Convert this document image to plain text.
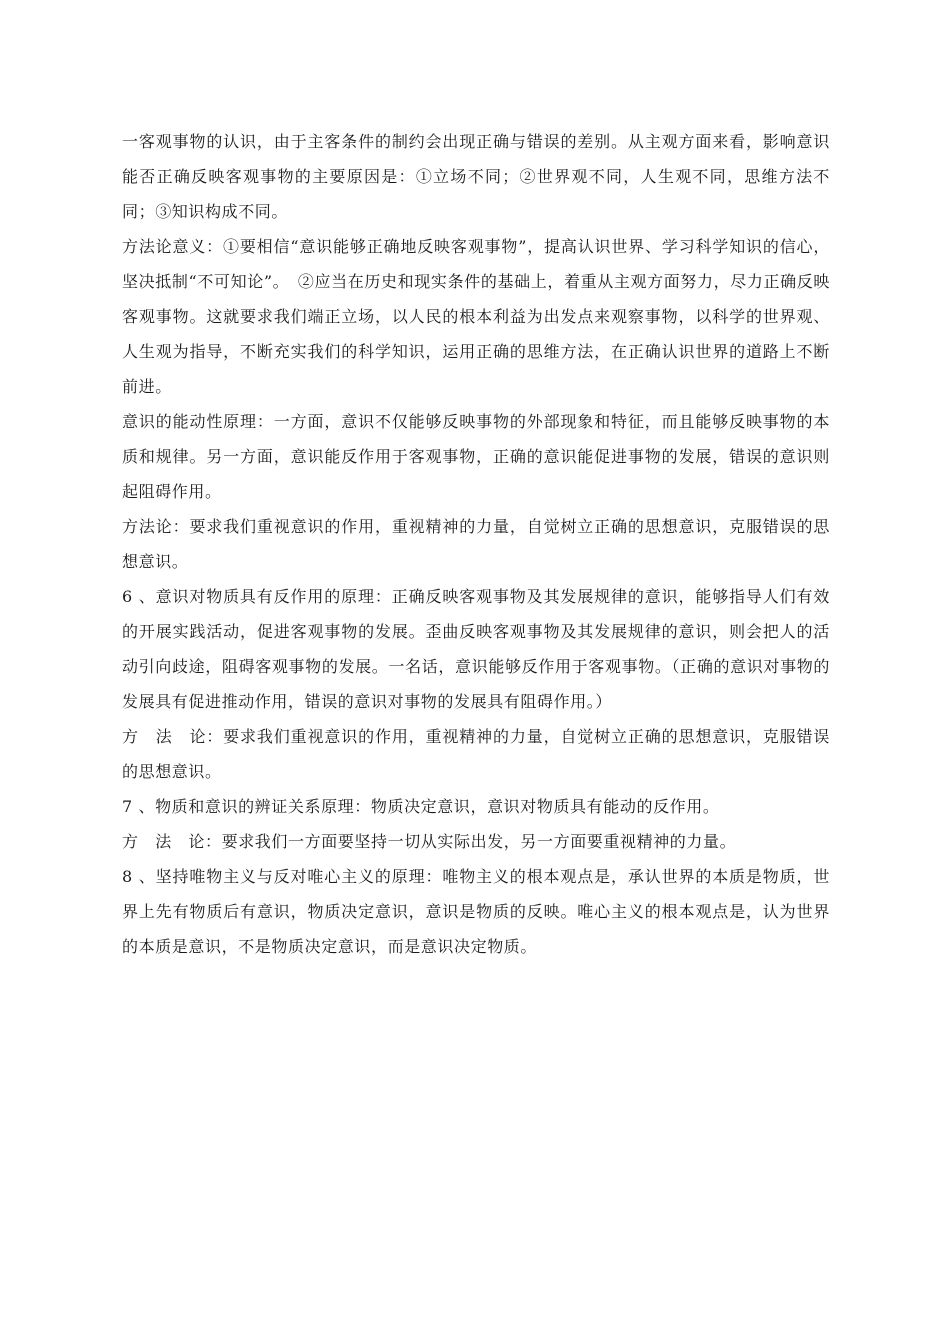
一客观事物的认识，由于主客条件的制约会出现正确与错误的差别。从主观方面来看，影响意识能否正确反映客观事物的主要原因是：①立场不同；②世界观不同，人生观不同，思维方法不同；③知识构成不同。

方法论意义：①要相信“意识能够正确地反映客观事物”，提高认识世界、学习科学知识的信心，坚决抵制“不可知论”。　②应当在历史和现实条件的基础上，着重从主观方面努力，尽力正确反映客观事物。这就要求我们端正立场，以人民的根本利益为出发点来观察事物，以科学的世界观、人生观为指导，不断充实我们的科学知识，运用正确的思维方法，在正确认识世界的道路上不断前进。

意识的能动性原理：一方面，意识不仅能够反映事物的外部现象和特征，而且能够反映事物的本质和规律。另一方面，意识能反作用于客观事物，正确的意识能促进事物的发展，错误的意识则起阻碍作用。

方法论：要求我们重视意识的作用，重视精神的力量，自觉树立正确的思想意识，克服错误的思想意识。

6 、意识对物质具有反作用的原理：正确反映客观事物及其发展规律的意识，能够指导人们有效的开展实践活动，促进客观事物的发展。歪曲反映客观事物及其发展规律的意识，则会把人的活动引向歧途，阻碍客观事物的发展。一名话，意识能够反作用于客观事物。（正确的意识对事物的发展具有促进推动作用，错误的意识对事物的发展具有阻碍作用。）

方　法　论：要求我们重视意识的作用，重视精神的力量，自觉树立正确的思想意识，克服错误的思想意识。

7 、物质和意识的辨证关系原理：物质决定意识，意识对物质具有能动的反作用。

方　法　论：要求我们一方面要坚持一切从实际出发，另一方面要重视精神的力量。

8 、坚持唯物主义与反对唯心主义的原理：唯物主义的根本观点是，承认世界的本质是物质，世界上先有物质后有意识，物质决定意识，意识是物质的反映。唯心主义的根本观点是，认为世界的本质是意识，不是物质决定意识，而是意识决定物质。
